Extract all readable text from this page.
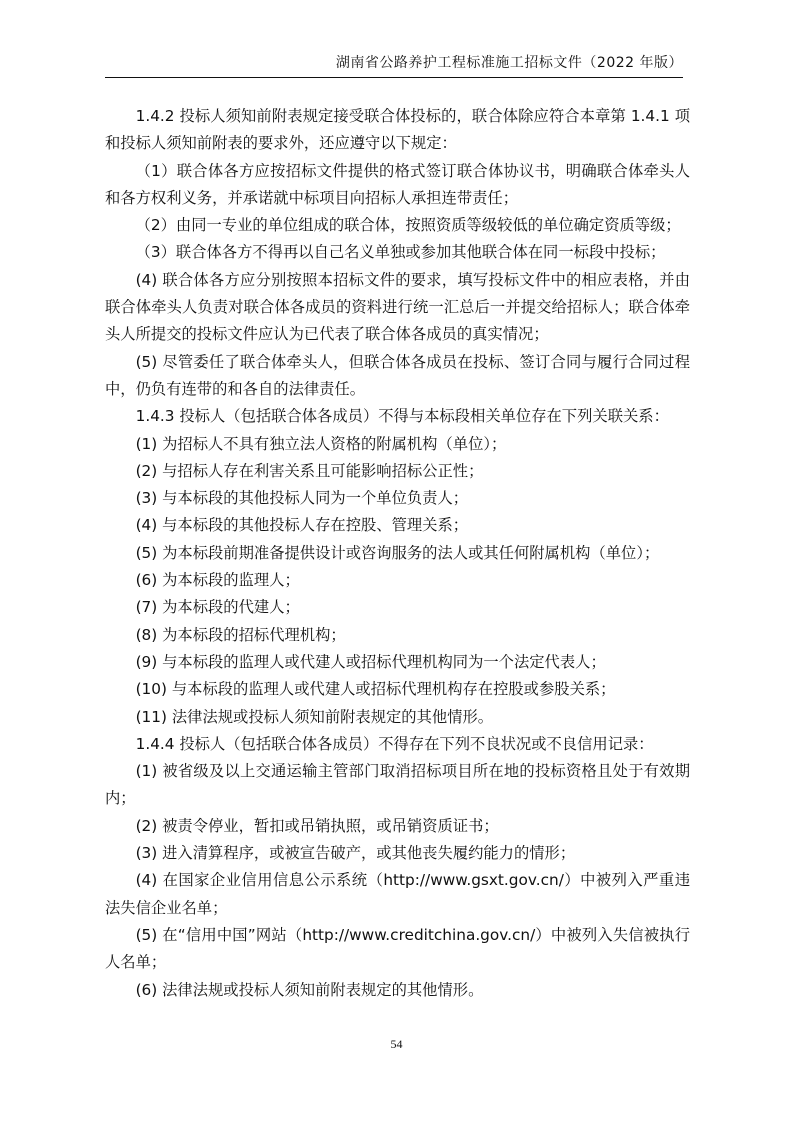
湖南省公路养护工程标准施工招标文件（2022 年版）

1.4.2 投标人须知前附表规定接受联合体投标的，联合体除应符合本章第 1.4.1 项和投标人须知前附表的要求外，还应遵守以下规定：

（1）联合体各方应按招标文件提供的格式签订联合体协议书，明确联合体牵头人和各方权利义务，并承诺就中标项目向招标人承担连带责任；

（2）由同一专业的单位组成的联合体，按照资质等级较低的单位确定资质等级；

（3）联合体各方不得再以自己名义单独或参加其他联合体在同一标段中投标；

(4) 联合体各方应分别按照本招标文件的要求，填写投标文件中的相应表格，并由联合体牵头人负责对联合体各成员的资料进行统一汇总后一并提交给招标人；联合体牵头人所提交的投标文件应认为已代表了联合体各成员的真实情况；

(5) 尽管委任了联合体牵头人，但联合体各成员在投标、签订合同与履行合同过程中，仍负有连带的和各自的法律责任。

1.4.3 投标人（包括联合体各成员）不得与本标段相关单位存在下列关联关系：

(1) 为招标人不具有独立法人资格的附属机构（单位）；

(2) 与招标人存在利害关系且可能影响招标公正性；

(3) 与本标段的其他投标人同为一个单位负责人；

(4) 与本标段的其他投标人存在控股、管理关系；

(5) 为本标段前期准备提供设计或咨询服务的法人或其任何附属机构（单位）；

(6) 为本标段的监理人；

(7) 为本标段的代建人；

(8) 为本标段的招标代理机构；

(9) 与本标段的监理人或代建人或招标代理机构同为一个法定代表人；

(10) 与本标段的监理人或代建人或招标代理机构存在控股或参股关系；

(11) 法律法规或投标人须知前附表规定的其他情形。

1.4.4 投标人（包括联合体各成员）不得存在下列不良状况或不良信用记录：

(1) 被省级及以上交通运输主管部门取消招标项目所在地的投标资格且处于有效期内；

(2) 被责令停业，暂扣或吊销执照，或吊销资质证书；

(3) 进入清算程序，或被宣告破产，或其他丧失履约能力的情形；

(4) 在国家企业信用信息公示系统（http://www.gsxt.gov.cn/）中被列入严重违法失信企业名单；

(5) 在“信用中国”网站（http://www.creditchina.gov.cn/）中被列入失信被执行人名单；

(6) 法律法规或投标人须知前附表规定的其他情形。

54
